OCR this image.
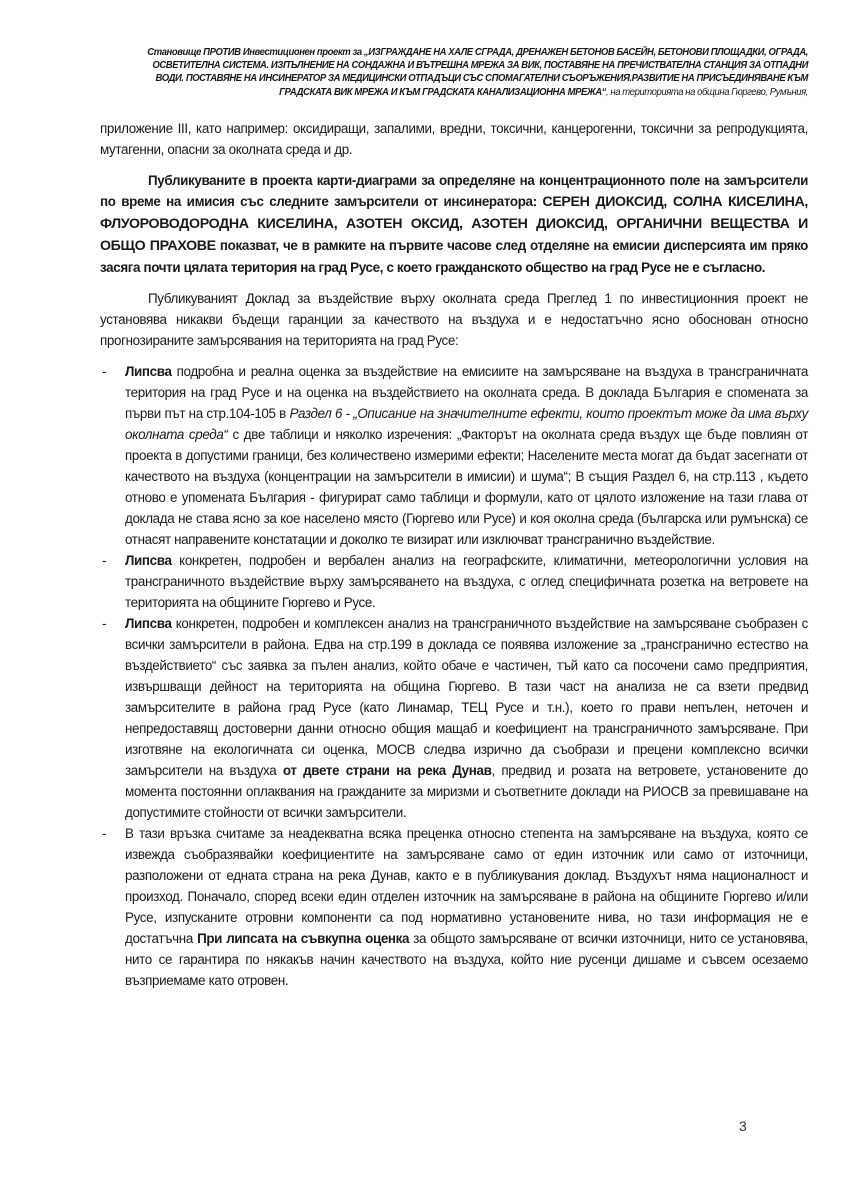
Становище ПРОТИВ Инвестиционен проект за „ИЗГРАЖДАНЕ НА ХАЛЕ СГРАДА, ДРЕНАЖЕН БЕТОНОВ БАСЕЙН, БЕТОНОВИ ПЛОЩАДКИ, ОГРАДА,
ОСВЕТИТЕЛНА СИСТЕМА. ИЗПЪЛНЕНИЕ НА СОНДАЖНА И ВЪТРЕШНА МРЕЖА ЗА ВИК, ПОСТАВЯНЕ НА ПРЕЧИСТВАТЕЛНА СТАНЦИЯ ЗА ОТПАДНИ
ВОДИ. ПОСТАВЯНЕ НА ИНСИНЕРАТОР ЗА МЕДИЦИНСКИ ОТПАДЪЦИ СЪС СПОМАГАТЕЛНИ СЪОРЪЖЕНИЯ.РАЗВИТИЕ НА ПРИСЪЕДИНЯВАНЕ КЪМ
ГРАДСКАТА ВИК МРЕЖА И КЪМ ГРАДСКАТА КАНАЛИЗАЦИОННА МРЕЖА“, на територията на община Гюргево, Румъния,

приложение III, като например: оксидиращи, запалими, вредни, токсични, канцерогенни, токсични за репродукцията, мутагенни, опасни за околната среда и др.

Публикуваните в проекта карти-диаграми за определяне на концентрационното поле на замърсители по време на имисия със следните замърсители от инсинератора: СЕРЕН ДИОКСИД, СОЛНА КИСЕЛИНА, ФЛУОРОВОДОРОДНА КИСЕЛИНА, АЗОТЕН ОКСИД, АЗОТЕН ДИОКСИД, ОРГАНИЧНИ ВЕЩЕСТВА И ОБЩО ПРАХОВЕ показват, че в рамките на първите часове след отделяне на емисии дисперсията им пряко засяга почти цялата територия на град Русе, с което гражданското общество на град Русе не е съгласно.

Публикуваният Доклад за въздействие върху околната среда Преглед 1 по инвестиционния проект не установява никакви бъдещи гаранции за качеството на въздуха и е недостатъчно ясно обоснован относно прогнозираните замърсявания на територията на град Русе:

- Липсва подробна и реална оценка за въздействие на емисиите на замърсяване на въздуха в трансграничната територия на град Русе и на оценка на въздействието на околната среда. В доклада България е спомената за първи път на стр.104-105 в Раздел 6 - „Описание на значителните ефекти, които проектът може да има върху околната среда“ с две таблици и няколко изречения: „Факторът на околната среда въздух ще бъде повлиян от проекта в допустими граници, без количествено измерими ефекти; Населените места могат да бъдат засегнати от качеството на въздуха (концентрации на замърсители в имисии) и шума“; В същия Раздел 6, на стр.113 , където отново е упомената България - фигурират само таблици и формули, като от цялото изложение на тази глава от доклада не става ясно за кое населено място (Гюргево или Русе) и коя околна среда (българска или румънска) се отнасят направените констатации и доколко те визират или изключват трансгранично въздействие.
- Липсва конкретен, подробен и вербален анализ на географските, климатични, метеорологични условия на трансграничното въздействие върху замърсяването на въздуха, с оглед специфичната розетка на ветровете на територията на общините Гюргево и Русе.
- Липсва конкретен, подробен и комплексен анализ на трансграничното въздействие на замърсяване съобразен с всички замърсители в района. Едва на стр.199 в доклада се появява изложение за „трансгранично естество на въздействието“ със заявка за пълен анализ, който обаче е частичен, тъй като са посочени само предприятия, извършващи дейност на територията на община Гюргево. В тази част на анализа не са взети предвид замърсителите в района град Русе (като Линамар, ТЕЦ Русе и т.н.), което го прави непълен, неточен и непредоставящ достоверни данни относно общия мащаб и коефициент на трансграничното замърсяване. При изготвяне на екологичната си оценка, МОСВ следва изрично да съобрази и прецени комплексно всички замърсители на въздуха от двете страни на река Дунав, предвид и розата на ветровете, установените до момента постоянни оплаквания на гражданите за миризми и съответните доклади на РИОСВ за превишаване на допустимите стойности от всички замърсители.
- В тази връзка считаме за неадекватна всяка преценка относно степента на замърсяване на въздуха, която се извежда съобразявайки коефициентите на замърсяване само от един източник или само от източници, разположени от едната страна на река Дунав, както е в публикувания доклад. Въздухът няма националност и произход. Поначало, според всеки един отделен източник на замърсяване в района на общините Гюргево и/или Русе, изпусканите отровни компоненти са под нормативно установените нива, но тази информация не е достатъчна При липсата на съвкупна оценка за общото замърсяване от всички източници, нито се установява, нито се гарантира по някакъв начин качеството на въздуха, който ние русенци дишаме и съвсем осезаемо възприемаме като отровен.
3
